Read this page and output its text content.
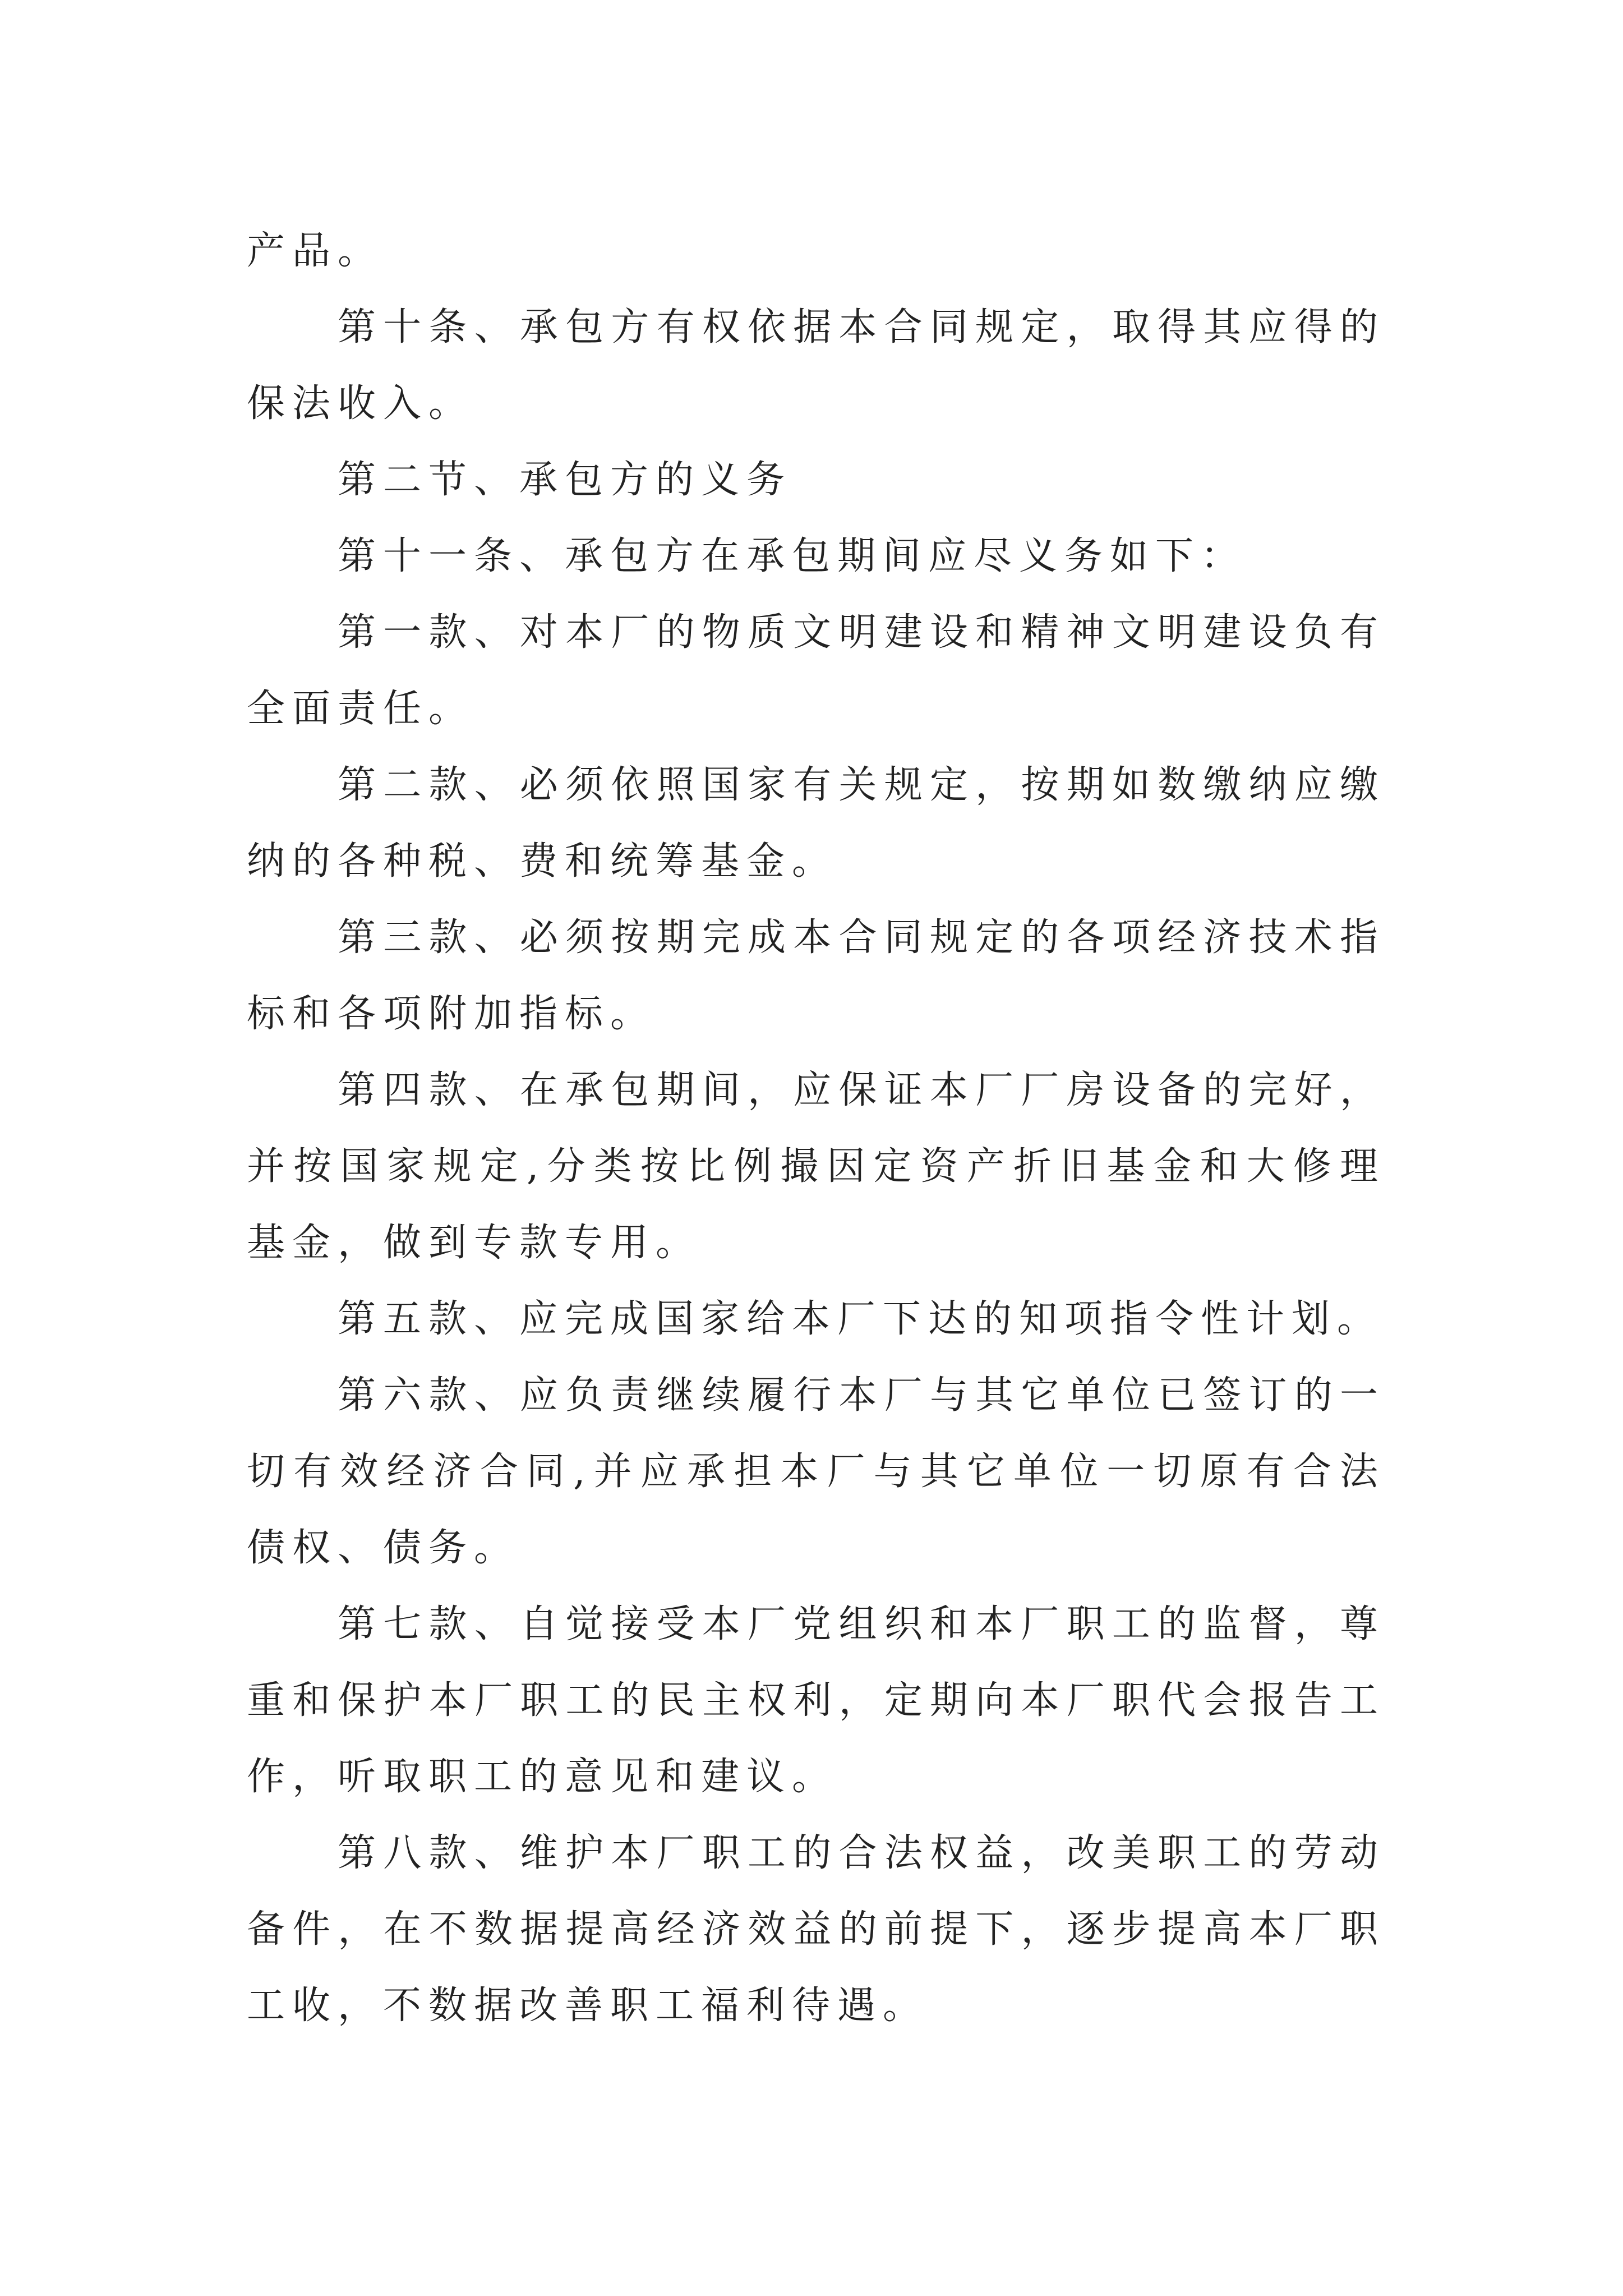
产品。

第十条、承包方有权依据本合同规定，取得其应得的保法收入。

第二节、承包方的义务

第十一条、承包方在承包期间应尽义务如下：

第一款、对本厂的物质文明建设和精神文明建设负有全面责任。

第二款、必须依照国家有关规定，按期如数缴纳应缴纳的各种税、费和统筹基金。

第三款、必须按期完成本合同规定的各项经济技术指标和各项附加指标。

第四款、在承包期间，应保证本厂厂房设备的完好，并按国家规定,分类按比例撮因定资产折旧基金和大修理基金，做到专款专用。

第五款、应完成国家给本厂下达的知项指令性计划。

第六款、应负责继续履行本厂与其它单位已签订的一切有效经济合同,并应承担本厂与其它单位一切原有合法债权、债务。

第七款、自觉接受本厂党组织和本厂职工的监督，尊重和保护本厂职工的民主权利，定期向本厂职代会报告工作，听取职工的意见和建议。

第八款、维护本厂职工的合法权益，改美职工的劳动备件，在不数据提高经济效益的前提下，逐步提高本厂职工收，不数据改善职工福利待遇。
